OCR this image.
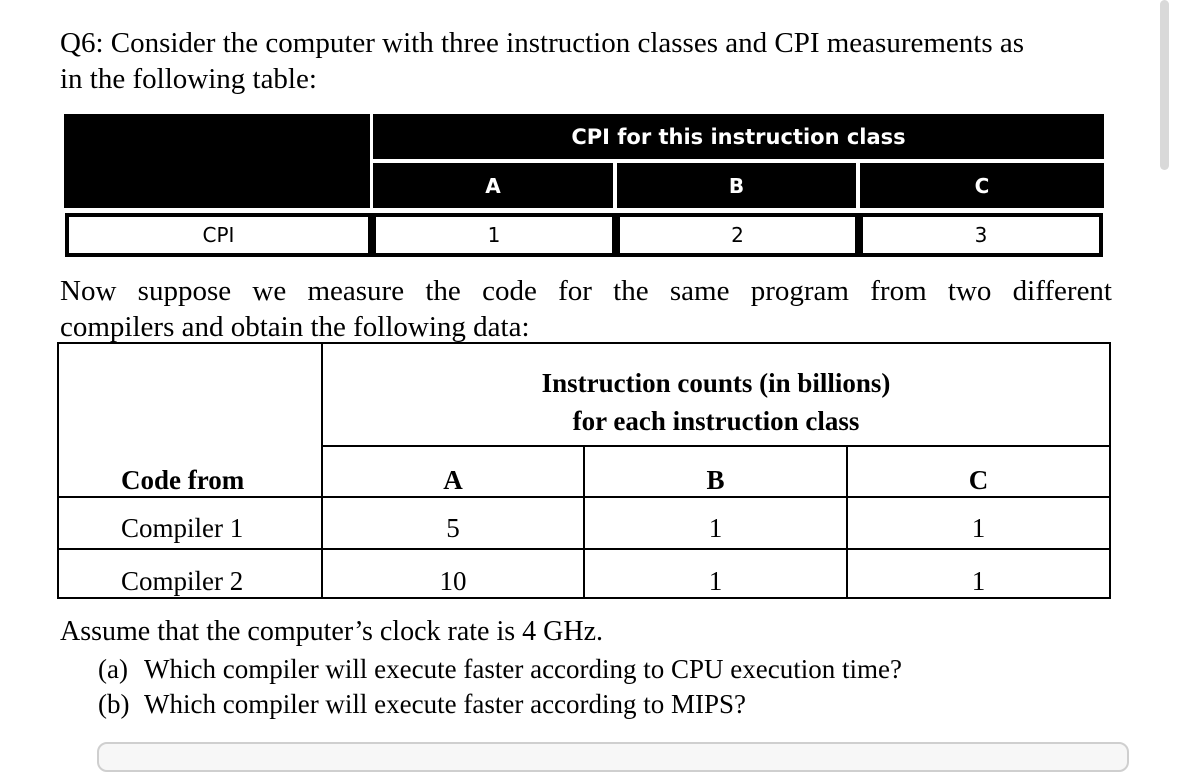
Q6: Consider the computer with three instruction classes and CPI measurements as
in the following table:
CPI for this instruction class
A	B	C
CPI	1	2	3
Now suppose we measure the code for the same program from two different
compilers and obtain the following data:
Instruction counts (in billions)
for each instruction class
Code from	A	B	C
Compiler 1	5	1	1
Compiler 2	10	1	1
Assume that the computer’s clock rate is 4 GHz.
(a) Which compiler will execute faster according to CPU execution time?
(b) Which compiler will execute faster according to MIPS?
